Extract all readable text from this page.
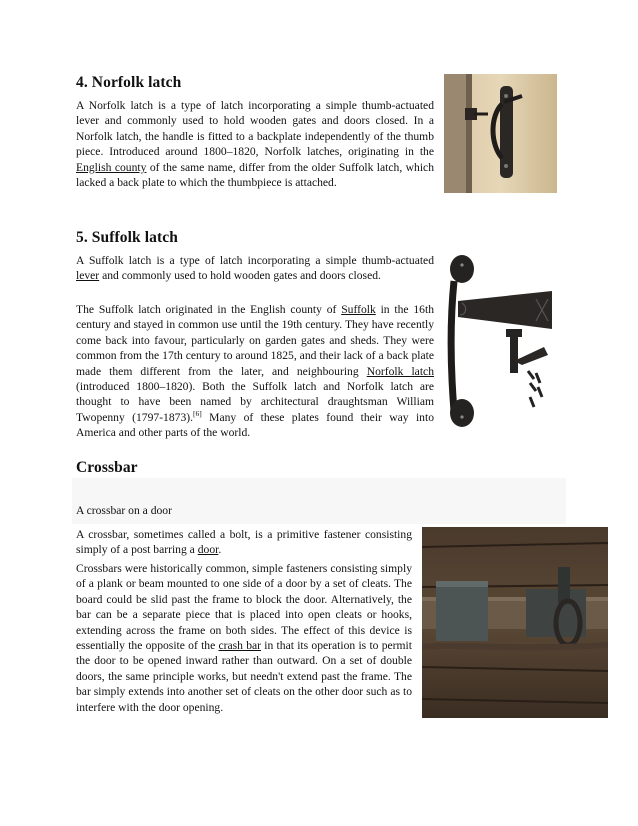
4. Norfolk latch

A Norfolk latch is a type of latch incorporating a simple thumb-actuated lever and commonly used to hold wooden gates and doors closed. In a Norfolk latch, the handle is fitted to a backplate independently of the thumb piece. Introduced around 1800–1820, Norfolk latches, originating in the English county of the same name, differ from the older Suffolk latch, which lacked a back plate to which the thumbpiece is attached.

5. Suffolk latch

A Suffolk latch is a type of latch incorporating a simple thumb-actuated lever and commonly used to hold wooden gates and doors closed.

The Suffolk latch originated in the English county of Suffolk in the 16th century and stayed in common use until the 19th century. They have recently come back into favour, particularly on garden gates and sheds. They were common from the 17th century to around 1825, and their lack of a back plate made them different from the later, and neighbouring Norfolk latch (introduced 1800–1820). Both the Suffolk latch and Norfolk latch are thought to have been named by architectural draughtsman William Twopenny (1797-1873).[6] Many of these plates found their way into America and other parts of the world.

Crossbar

A crossbar on a door

A crossbar, sometimes called a bolt, is a primitive fastener consisting simply of a post barring a door.

Crossbars were historically common, simple fasteners consisting simply of a plank or beam mounted to one side of a door by a set of cleats. The board could be slid past the frame to block the door. Alternatively, the bar can be a separate piece that is placed into open cleats or hooks, extending across the frame on both sides. The effect of this device is essentially the opposite of the crash bar in that its operation is to permit the door to be opened inward rather than outward. On a set of double doors, the same principle works, but needn't extend past the frame. The bar simply extends into another set of cleats on the other door such as to interfere with the door opening.
